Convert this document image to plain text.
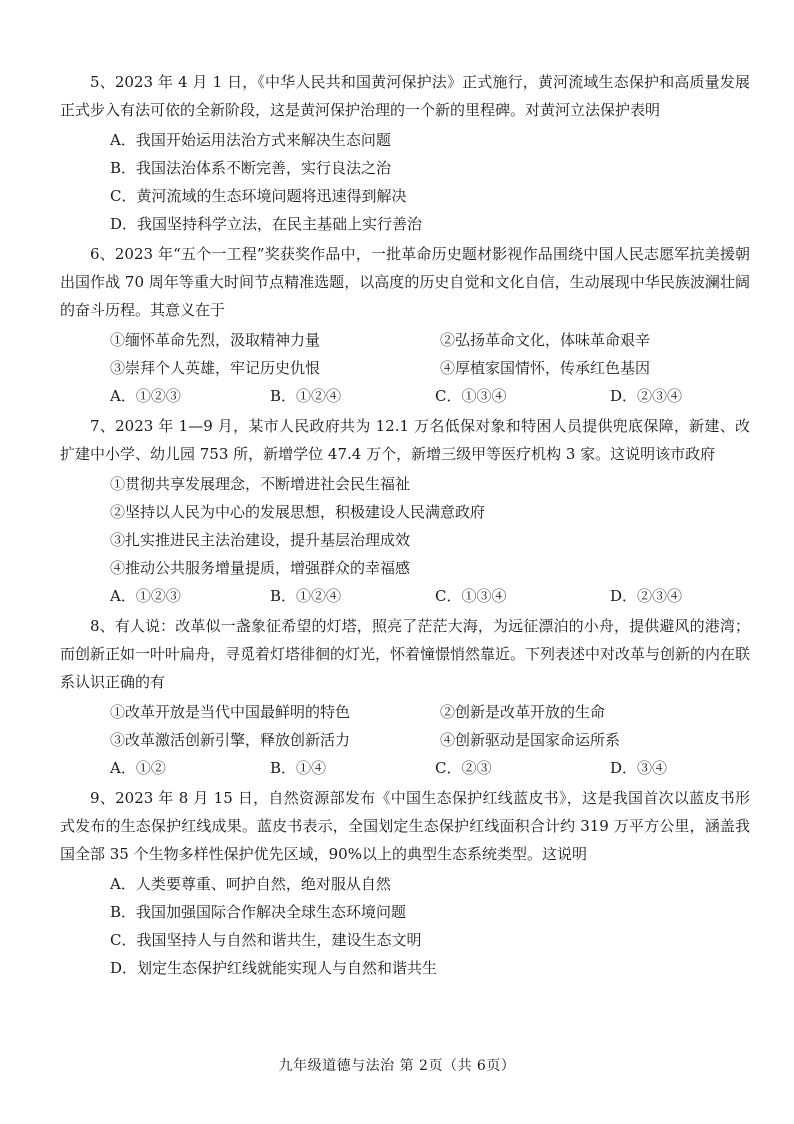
5、2023 年 4 月 1 日，《中华人民共和国黄河保护法》正式施行，黄河流域生态保护和高质量发展正式步入有法可依的全新阶段，这是黄河保护治理的一个新的里程碑。对黄河立法保护表明

A．我国开始运用法治方式来解决生态问题

B．我国法治体系不断完善，实行良法之治

C．黄河流域的生态环境问题将迅速得到解决

D．我国坚持科学立法，在民主基础上实行善治

6、2023 年“五个一工程”奖获奖作品中，一批革命历史题材影视作品围绕中国人民志愿军抗美援朝出国作战 70 周年等重大时间节点精准选题，以高度的历史自觉和文化自信，生动展现中华民族波澜壮阔的奋斗历程。其意义在于

①缅怀革命先烈，汲取精神力量	②弘扬革命文化，体味革命艰辛
③崇拜个人英雄，牢记历史仇恨	④厚植家国情怀，传承红色基因
A．①②③	B．①②④	C．①③④	D．②③④

7、2023 年 1—9 月，某市人民政府共为 12.1 万名低保对象和特困人员提供兜底保障，新建、改扩建中小学、幼儿园 753 所，新增学位 47.4 万个，新增三级甲等医疗机构 3 家。这说明该市政府

①贯彻共享发展理念，不断增进社会民生福祉

②坚持以人民为中心的发展思想，积极建设人民满意政府

③扎实推进民主法治建设，提升基层治理成效

④推动公共服务增量提质，增强群众的幸福感

A．①②③	B．①②④	C．①③④	D．②③④

8、有人说：改革似一盏象征希望的灯塔，照亮了茫茫大海，为远征漂泊的小舟，提供避风的港湾；而创新正如一叶叶扁舟，寻觅着灯塔徘徊的灯光，怀着憧憬悄然靠近。下列表述中对改革与创新的内在联系认识正确的有

①改革开放是当代中国最鲜明的特色	②创新是改革开放的生命
③改革激活创新引擎，释放创新活力	④创新驱动是国家命运所系
A．①②	B．①④	C．②③	D．③④

9、2023 年 8 月 15 日，自然资源部发布《中国生态保护红线蓝皮书》，这是我国首次以蓝皮书形式发布的生态保护红线成果。蓝皮书表示，全国划定生态保护红线面积合计约 319 万平方公里，涵盖我国全部 35 个生物多样性保护优先区域，90%以上的典型生态系统类型。这说明

A．人类要尊重、呵护自然，绝对服从自然

B．我国加强国际合作解决全球生态环境问题

C．我国坚持人与自然和谐共生，建设生态文明

D．划定生态保护红线就能实现人与自然和谐共生

九年级道德与法治 第 2页（共 6页）
